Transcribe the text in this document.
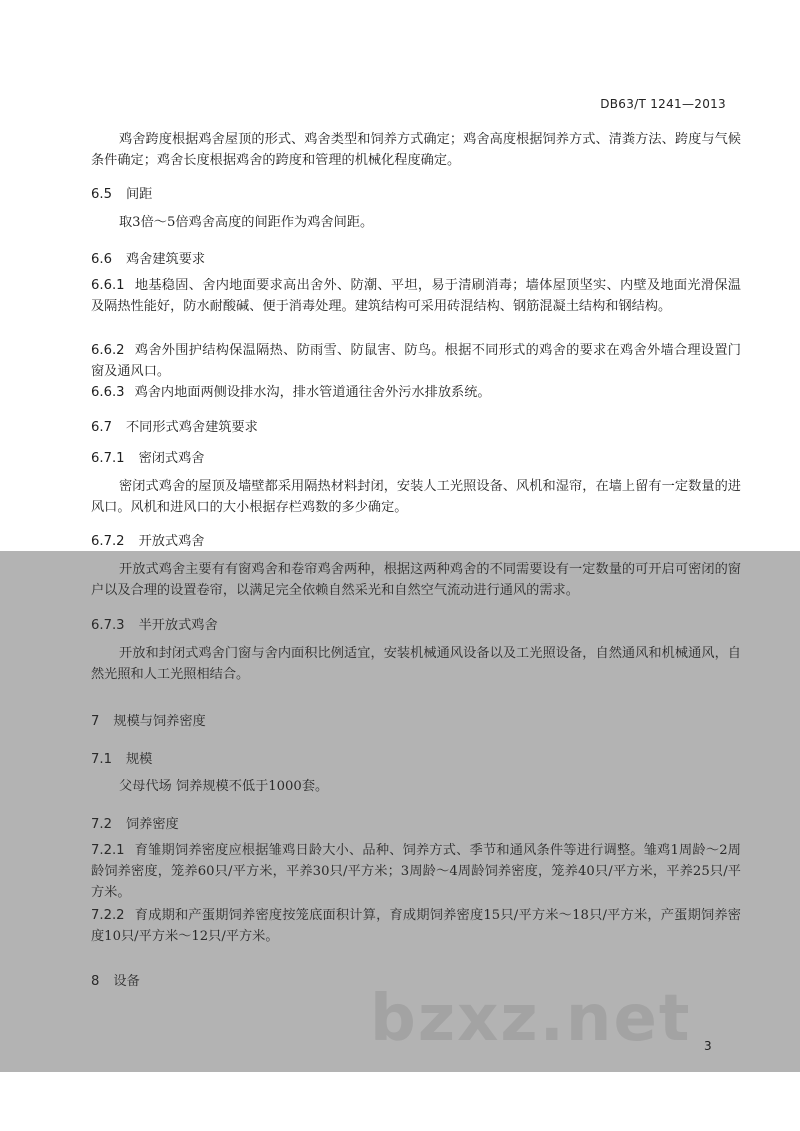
DB63/T 1241—2013

鸡舍跨度根据鸡舍屋顶的形式、鸡舍类型和饲养方式确定；鸡舍高度根据饲养方式、清粪方法、跨度与气候条件确定；鸡舍长度根据鸡舍的跨度和管理的机械化程度确定。

6.5 间距

取3倍～5倍鸡舍高度的间距作为鸡舍间距。

6.6 鸡舍建筑要求

6.6.1 地基稳固、舍内地面要求高出舍外、防潮、平坦，易于清刷消毒；墙体屋顶坚实、内壁及地面光滑保温及隔热性能好，防水耐酸碱、便于消毒处理。建筑结构可采用砖混结构、钢筋混凝土结构和钢结构。

6.6.2 鸡舍外围护结构保温隔热、防雨雪、防鼠害、防鸟。根据不同形式的鸡舍的要求在鸡舍外墙合理设置门窗及通风口。

6.6.3 鸡舍内地面两侧设排水沟，排水管道通往舍外污水排放系统。

6.7 不同形式鸡舍建筑要求
6.7.1 密闭式鸡舍

密闭式鸡舍的屋顶及墙壁都采用隔热材料封闭，安装人工光照设备、风机和湿帘，在墙上留有一定数量的进风口。风机和进风口的大小根据存栏鸡数的多少确定。

6.7.2 开放式鸡舍

开放式鸡舍主要有有窗鸡舍和卷帘鸡舍两种，根据这两种鸡舍的不同需要设有一定数量的可开启可密闭的窗户以及合理的设置卷帘，以满足完全依赖自然采光和自然空气流动进行通风的需求。

6.7.3 半开放式鸡舍

开放和封闭式鸡舍门窗与舍内面积比例适宜，安装机械通风设备以及工光照设备，自然通风和机械通风，自然光照和人工光照相结合。

7 规模与饲养密度
7.1 规模

父母代场 饲养规模不低于1000套。

7.2 饲养密度

7.2.1 育雏期饲养密度应根据雏鸡日龄大小、品种、饲养方式、季节和通风条件等进行调整。雏鸡1周龄～2周龄饲养密度，笼养60只/平方米，平养30只/平方米；3周龄～4周龄饲养密度，笼养40只/平方米，平养25只/平方米。

7.2.2 育成期和产蛋期饲养密度按笼底面积计算，育成期饲养密度15只/平方米～18只/平方米，产蛋期饲养密度10只/平方米～12只/平方米。

8 设备
bzxz.net 3
